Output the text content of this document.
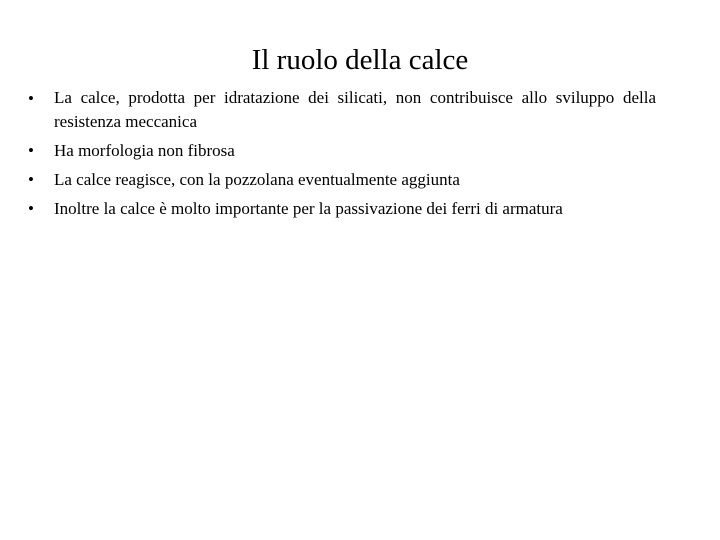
Il ruolo della calce
•	La calce, prodotta per idratazione dei silicati, non contribuisce allo sviluppo della resistenza meccanica
•	Ha morfologia non fibrosa
•	La calce reagisce, con la pozzolana eventualmente aggiunta
•	Inoltre la calce è molto importante per la passivazione dei ferri di armatura
